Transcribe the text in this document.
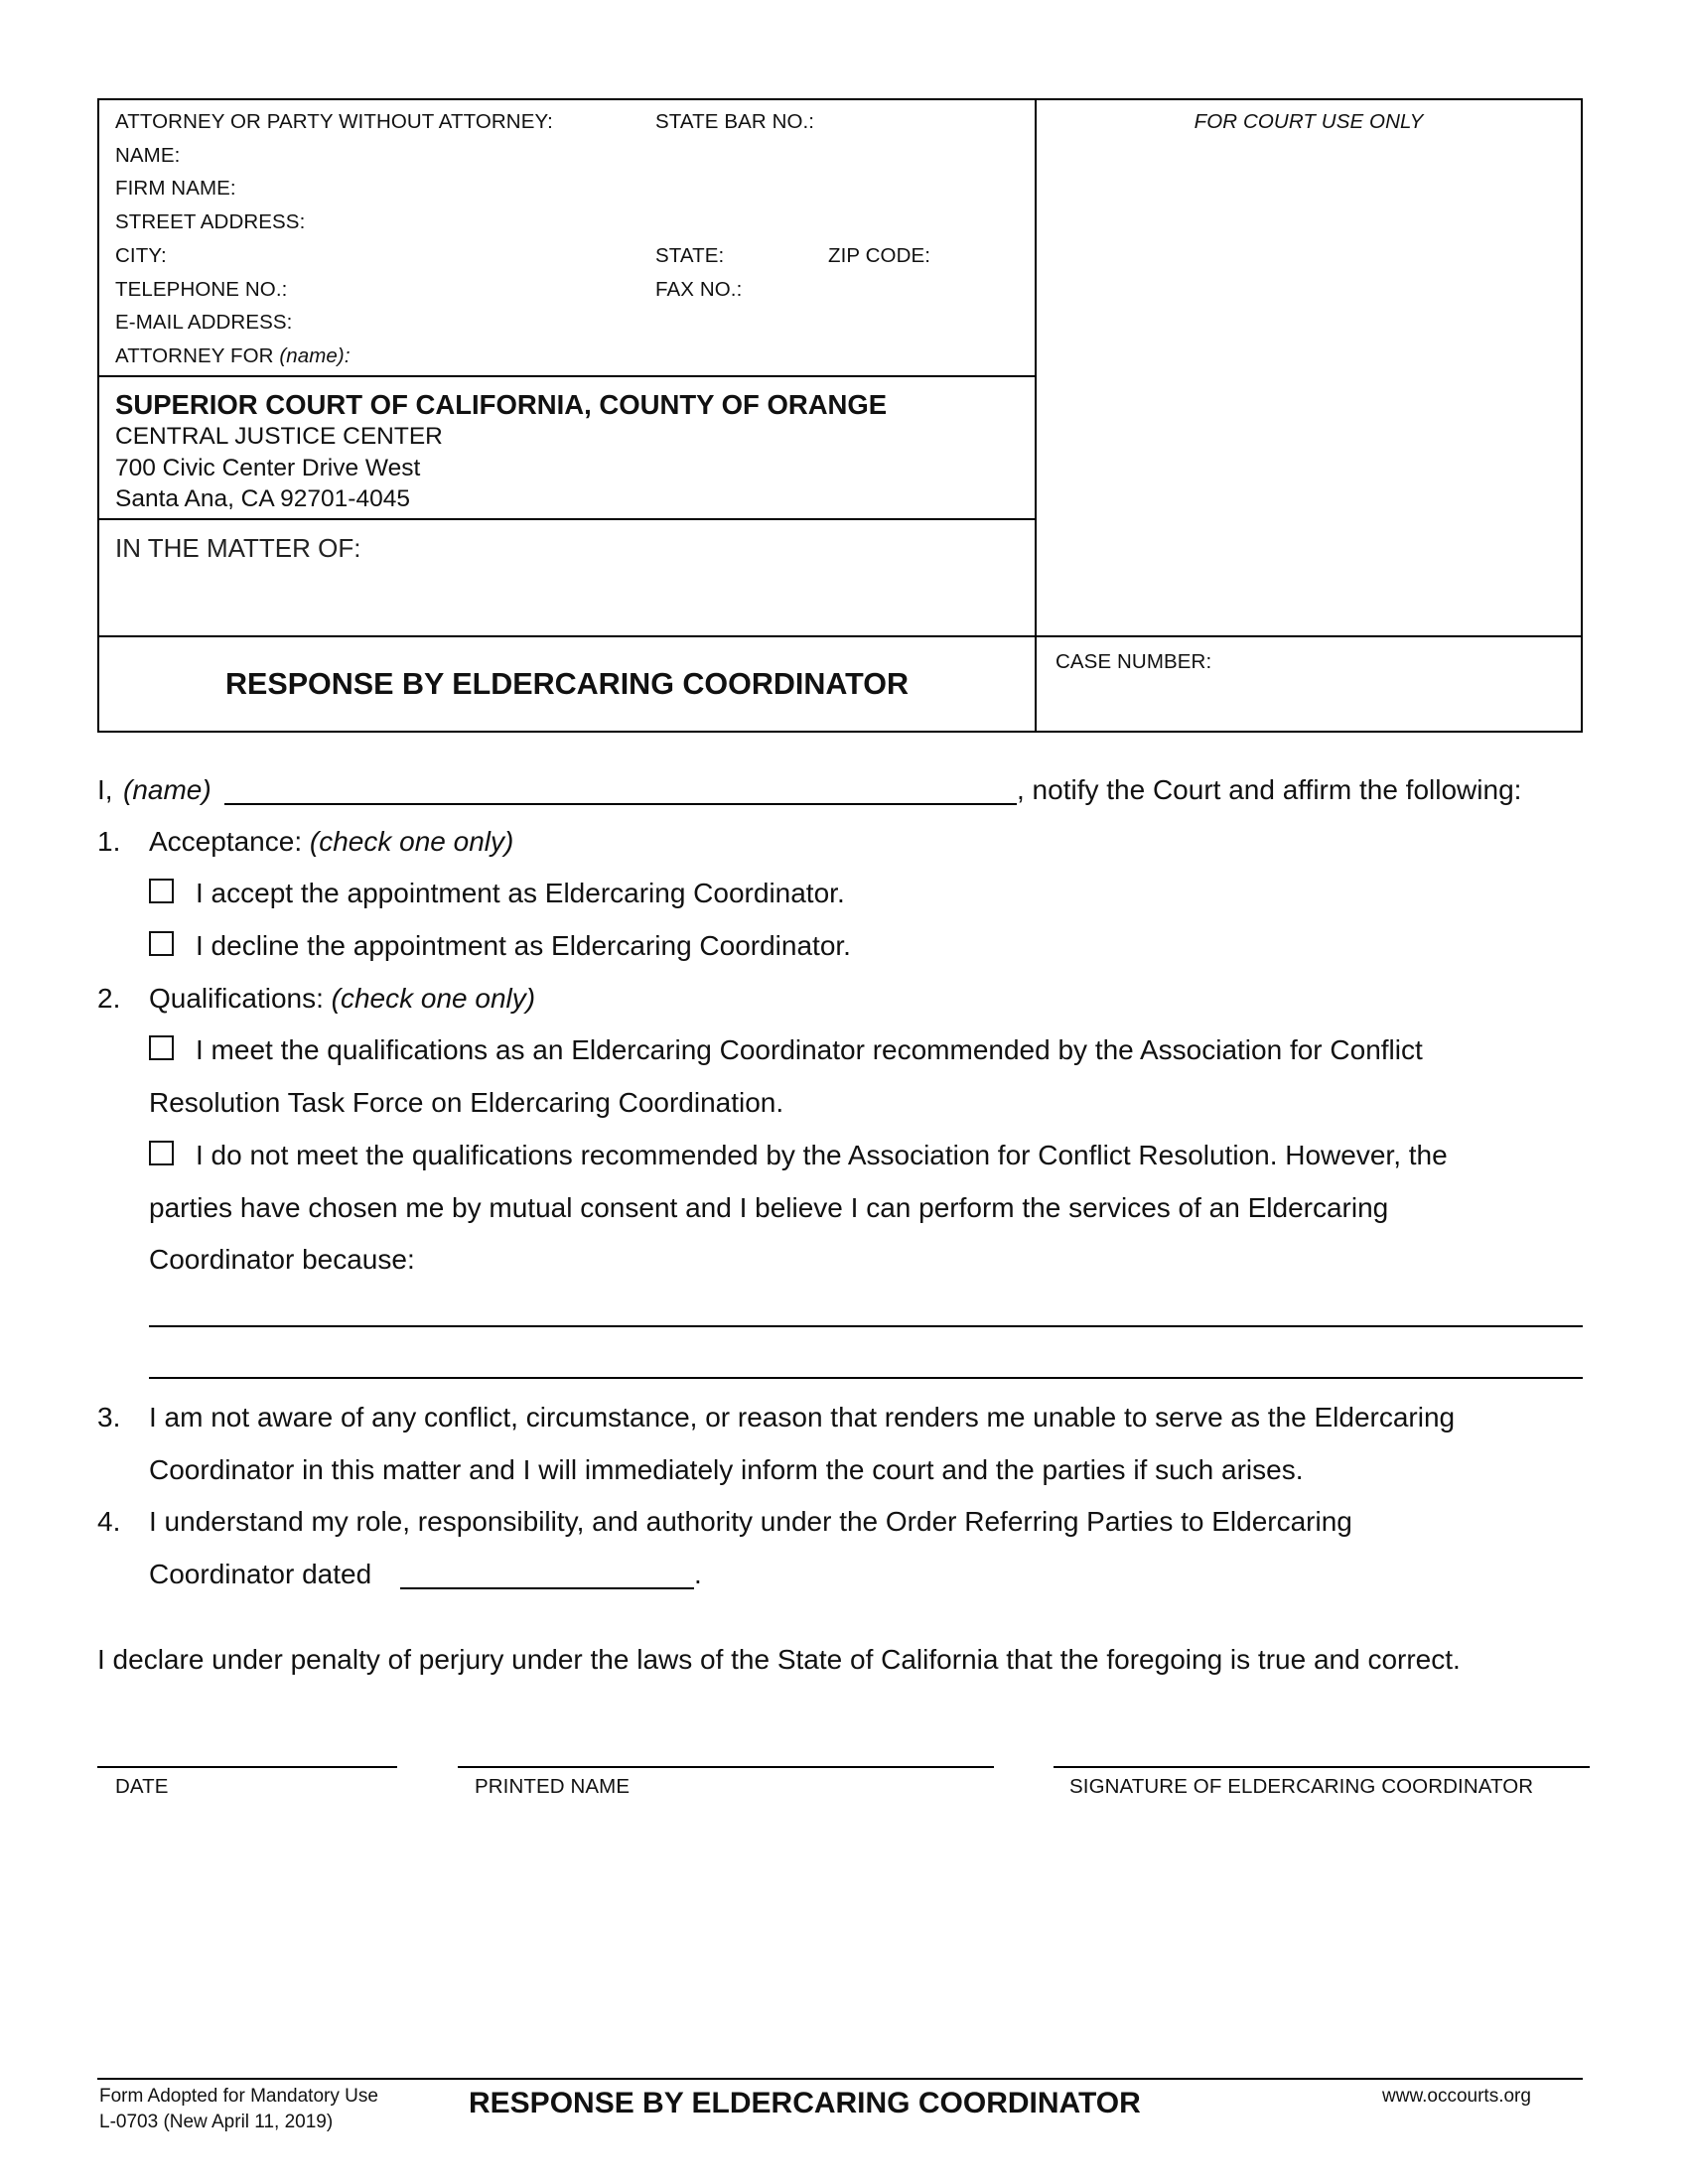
ATTORNEY OR PARTY WITHOUT ATTORNEY:	STATE BAR NO.:
NAME:
FIRM NAME:
STREET ADDRESS:
CITY:	STATE:	ZIP CODE:
TELEPHONE NO.:	FAX NO.:
E-MAIL ADDRESS:
ATTORNEY FOR (name):
FOR COURT USE ONLY
SUPERIOR COURT OF CALIFORNIA, COUNTY OF ORANGE
CENTRAL JUSTICE CENTER
700 Civic Center Drive West
Santa Ana, CA 92701-4045
IN THE MATTER OF:
RESPONSE BY ELDERCARING COORDINATOR
CASE NUMBER:
I, (name)	, notify the Court and affirm the following:
1. Acceptance: (check one only)
I accept the appointment as Eldercaring Coordinator.
I decline the appointment as Eldercaring Coordinator.
2. Qualifications: (check one only)
I meet the qualifications as an Eldercaring Coordinator recommended by the Association for Conflict
Resolution Task Force on Eldercaring Coordination.
I do not meet the qualifications recommended by the Association for Conflict Resolution. However, the
parties have chosen me by mutual consent and I believe I can perform the services of an Eldercaring
Coordinator because:
3. I am not aware of any conflict, circumstance, or reason that renders me unable to serve as the Eldercaring
Coordinator in this matter and I will immediately inform the court and the parties if such arises.
4. I understand my role, responsibility, and authority under the Order Referring Parties to Eldercaring
Coordinator dated	.
I declare under penalty of perjury under the laws of the State of California that the foregoing is true and correct.
DATE	PRINTED NAME	SIGNATURE OF ELDERCARING COORDINATOR
Form Adopted for Mandatory Use
L-0703 (New April 11, 2019)
RESPONSE BY ELDERCARING COORDINATOR	www.occourts.org
